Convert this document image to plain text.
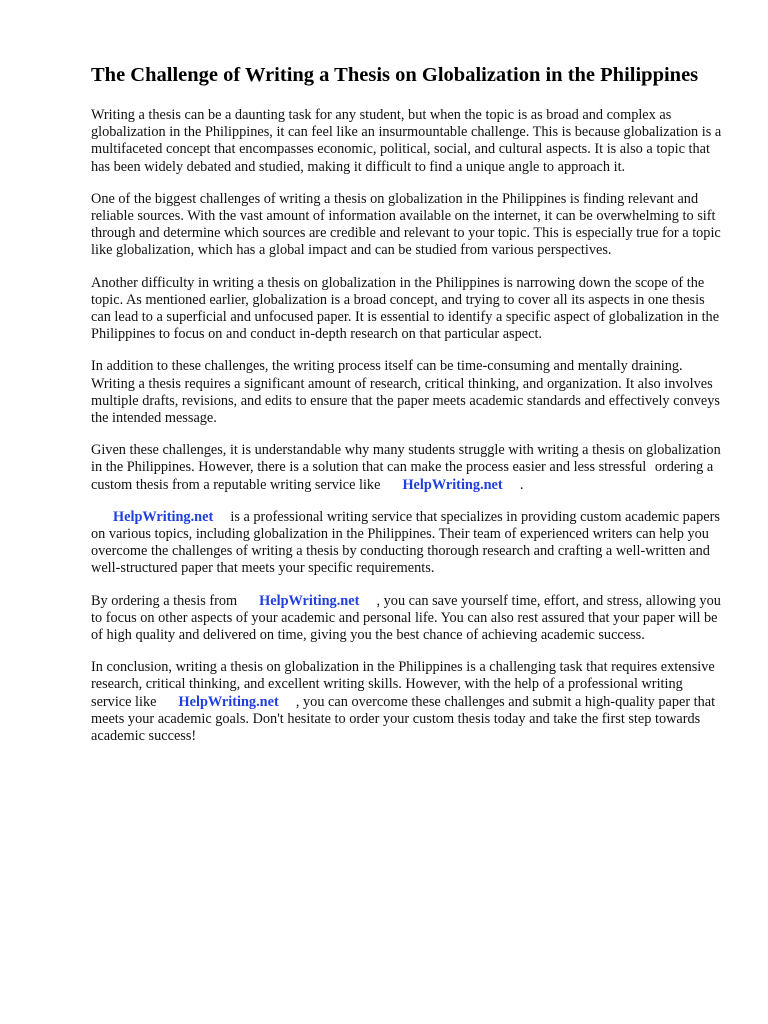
The Challenge of Writing a Thesis on Globalization in the Philippines

Writing a thesis can be a daunting task for any student, but when the topic is as broad and complex as globalization in the Philippines, it can feel like an insurmountable challenge. This is because globalization is a multifaceted concept that encompasses economic, political, social, and cultural aspects. It is also a topic that has been widely debated and studied, making it difficult to find a unique angle to approach it.

One of the biggest challenges of writing a thesis on globalization in the Philippines is finding relevant and reliable sources. With the vast amount of information available on the internet, it can be overwhelming to sift through and determine which sources are credible and relevant to your topic. This is especially true for a topic like globalization, which has a global impact and can be studied from various perspectives.

Another difficulty in writing a thesis on globalization in the Philippines is narrowing down the scope of the topic. As mentioned earlier, globalization is a broad concept, and trying to cover all its aspects in one thesis can lead to a superficial and unfocused paper. It is essential to identify a specific aspect of globalization in the Philippines to focus on and conduct in-depth research on that particular aspect.

In addition to these challenges, the writing process itself can be time-consuming and mentally draining. Writing a thesis requires a significant amount of research, critical thinking, and organization. It also involves multiple drafts, revisions, and edits to ensure that the paper meets academic standards and effectively conveys the intended message.

Given these challenges, it is understandable why many students struggle with writing a thesis on globalization in the Philippines. However, there is a solution that can make the process easier and less stressful ordering a custom thesis from a reputable writing service like HelpWriting.net .

HelpWriting.net is a professional writing service that specializes in providing custom academic papers on various topics, including globalization in the Philippines. Their team of experienced writers can help you overcome the challenges of writing a thesis by conducting thorough research and crafting a well-written and well-structured paper that meets your specific requirements.

By ordering a thesis from HelpWriting.net , you can save yourself time, effort, and stress, allowing you to focus on other aspects of your academic and personal life. You can also rest assured that your paper will be of high quality and delivered on time, giving you the best chance of achieving academic success.

In conclusion, writing a thesis on globalization in the Philippines is a challenging task that requires extensive research, critical thinking, and excellent writing skills. However, with the help of a professional writing service like HelpWriting.net , you can overcome these challenges and submit a high-quality paper that meets your academic goals. Don't hesitate to order your custom thesis today and take the first step towards academic success!
